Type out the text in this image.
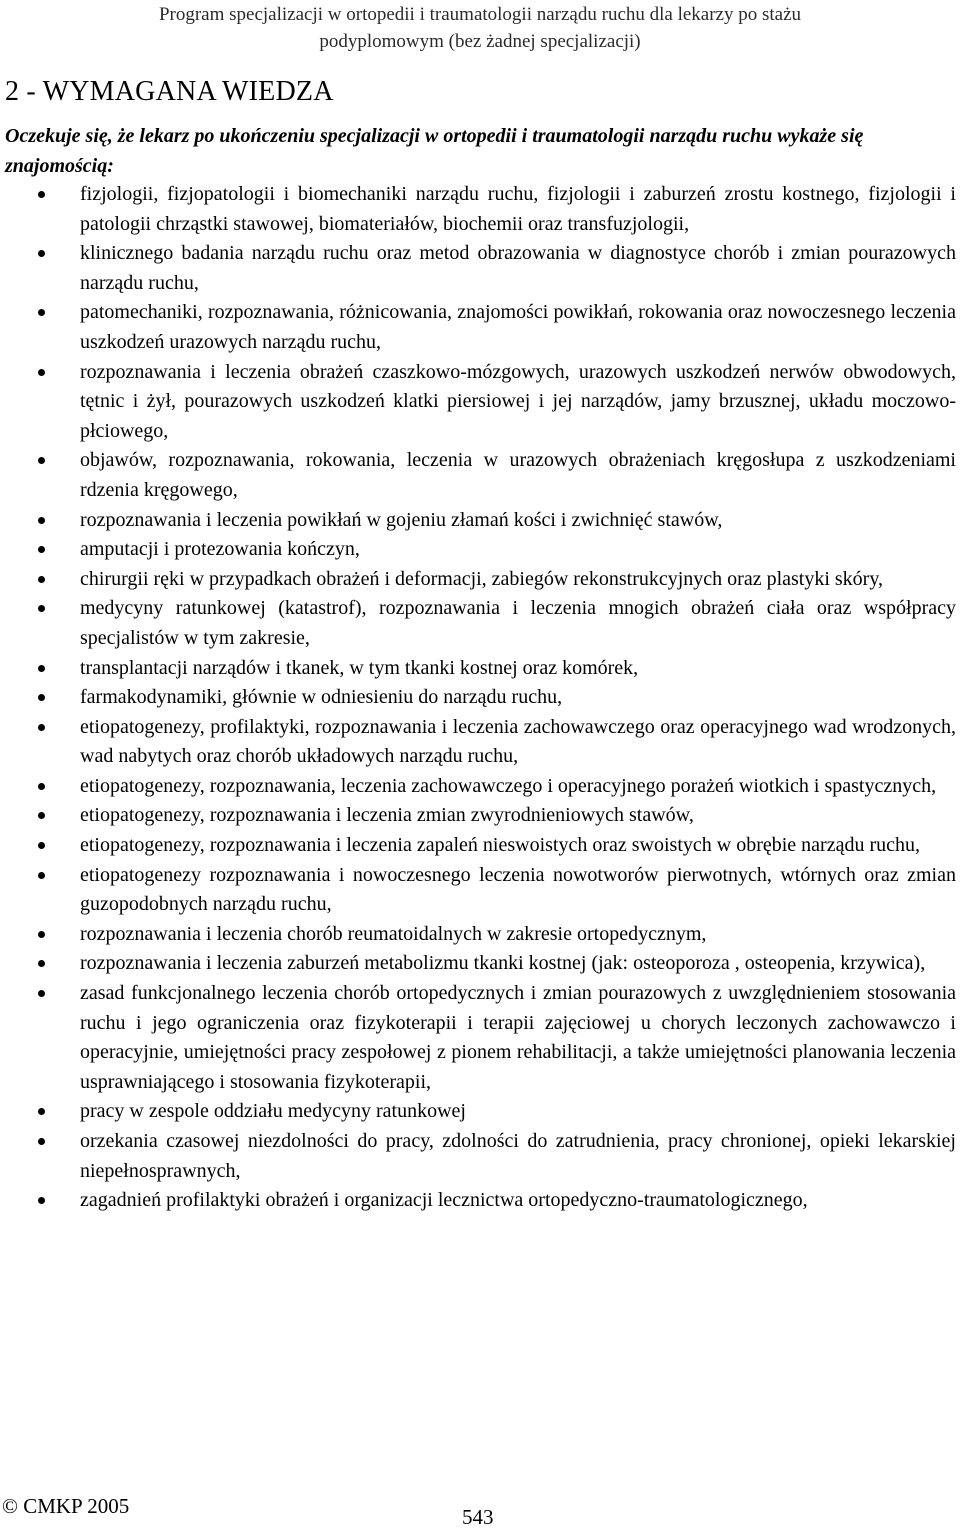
Program specjalizacji w ortopedii i traumatologii narządu ruchu dla lekarzy po stażu
podyplomowym (bez żadnej specjalizacji)
2 - WYMAGANA WIEDZA

Oczekuje się, że lekarz po ukończeniu specjalizacji w ortopedii i traumatologii narządu ruchu wykaże się znajomością:

fizjologii, fizjopatologii i biomechaniki narządu ruchu, fizjologii i zaburzeń zrostu kostnego, fizjologii i patologii chrząstki stawowej, biomateriałów, biochemii oraz transfuzjologii,
klinicznego badania narządu ruchu oraz metod obrazowania w diagnostyce chorób i zmian pourazowych narządu ruchu,
patomechaniki, rozpoznawania, różnicowania, znajomości powikłań, rokowania oraz nowoczesnego leczenia uszkodzeń urazowych narządu ruchu,
rozpoznawania i leczenia obrażeń czaszkowo-mózgowych, urazowych uszkodzeń nerwów obwodowych, tętnic i żył, pourazowych uszkodzeń klatki piersiowej i jej narządów, jamy brzusznej, układu moczowo-płciowego,
objawów, rozpoznawania, rokowania, leczenia w urazowych obrażeniach kręgosłupa z uszkodzeniami rdzenia kręgowego,
rozpoznawania i leczenia powikłań w gojeniu złamań kości i zwichnięć stawów,
amputacji i protezowania kończyn,
chirurgii ręki w przypadkach obrażeń i deformacji, zabiegów rekonstrukcyjnych oraz plastyki skóry,
medycyny ratunkowej (katastrof), rozpoznawania i leczenia mnogich obrażeń ciała oraz współpracy specjalistów w tym zakresie,
transplantacji narządów i tkanek, w tym tkanki kostnej oraz komórek,
farmakodynamiki, głównie w odniesieniu do narządu ruchu,
etiopatogenezy, profilaktyki, rozpoznawania i leczenia zachowawczego oraz operacyjnego wad wrodzonych, wad nabytych oraz chorób układowych narządu ruchu,
etiopatogenezy, rozpoznawania, leczenia zachowawczego i operacyjnego porażeń wiotkich i spastycznych,
etiopatogenezy, rozpoznawania i leczenia zmian zwyrodnieniowych stawów,
etiopatogenezy, rozpoznawania i leczenia zapaleń nieswoistych oraz swoistych w obrębie narządu ruchu,
etiopatogenezy rozpoznawania i nowoczesnego leczenia nowotworów pierwotnych, wtórnych oraz zmian guzopodobnych narządu ruchu,
rozpoznawania i leczenia chorób reumatoidalnych w zakresie ortopedycznym,
rozpoznawania i leczenia zaburzeń metabolizmu tkanki kostnej (jak: osteoporoza , osteopenia, krzywica),
zasad funkcjonalnego leczenia chorób ortopedycznych i zmian pourazowych z uwzględnieniem stosowania ruchu i jego ograniczenia oraz fizykoterapii i terapii zajęciowej u chorych leczonych zachowawczo i operacyjnie, umiejętności pracy zespołowej z pionem rehabilitacji, a także umiejętności planowania leczenia usprawniającego i stosowania fizykoterapii,
pracy w zespole oddziału medycyny ratunkowej
orzekania czasowej niezdolności do pracy, zdolności do zatrudnienia, pracy chronionej, opieki lekarskiej niepełnosprawnych,
zagadnień profilaktyki obrażeń i organizacji lecznictwa ortopedyczno-traumatologicznego,
© CMKP 2005	543
